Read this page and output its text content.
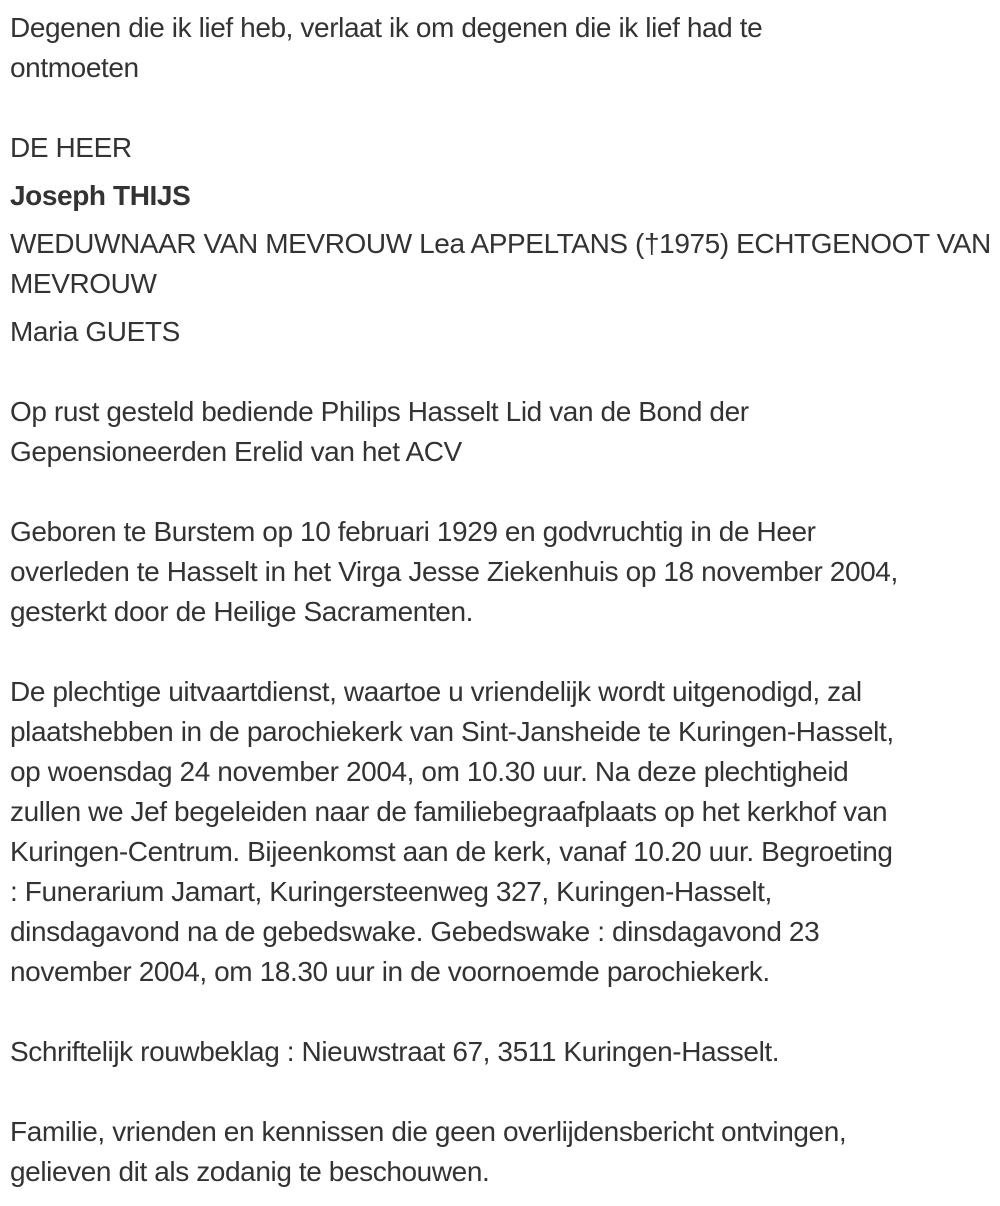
Degenen die ik lief heb, verlaat ik om degenen die ik lief had te
ontmoeten
DE HEER
Joseph THIJS
WEDUWNAAR VAN MEVROUW Lea APPELTANS (†1975) ECHTGENOOT VAN
MEVROUW
Maria GUETS
Op rust gesteld bediende Philips Hasselt Lid van de Bond der
Gepensioneerden Erelid van het ACV
Geboren te Burstem op 10 februari 1929 en godvruchtig in de Heer
overleden te Hasselt in het Virga Jesse Ziekenhuis op 18 november 2004,
gesterkt door de Heilige Sacramenten.
De plechtige uitvaartdienst, waartoe u vriendelijk wordt uitgenodigd, zal
plaatshebben in de parochiekerk van Sint-Jansheide te Kuringen-Hasselt,
op woensdag 24 november 2004, om 10.30 uur. Na deze plechtigheid
zullen we Jef begeleiden naar de familiebegraafplaats op het kerkhof van
Kuringen-Centrum. Bijeenkomst aan de kerk, vanaf 10.20 uur. Begroeting
: Funerarium Jamart, Kuringersteenweg 327, Kuringen-Hasselt,
dinsdagavond na de gebedswake. Gebedswake : dinsdagavond 23
november 2004, om 18.30 uur in de voornoemde parochiekerk.
Schriftelijk rouwbeklag : Nieuwstraat 67, 3511 Kuringen-Hasselt.
Familie, vrienden en kennissen die geen overlijdensbericht ontvingen,
gelieven dit als zodanig te beschouwen.
